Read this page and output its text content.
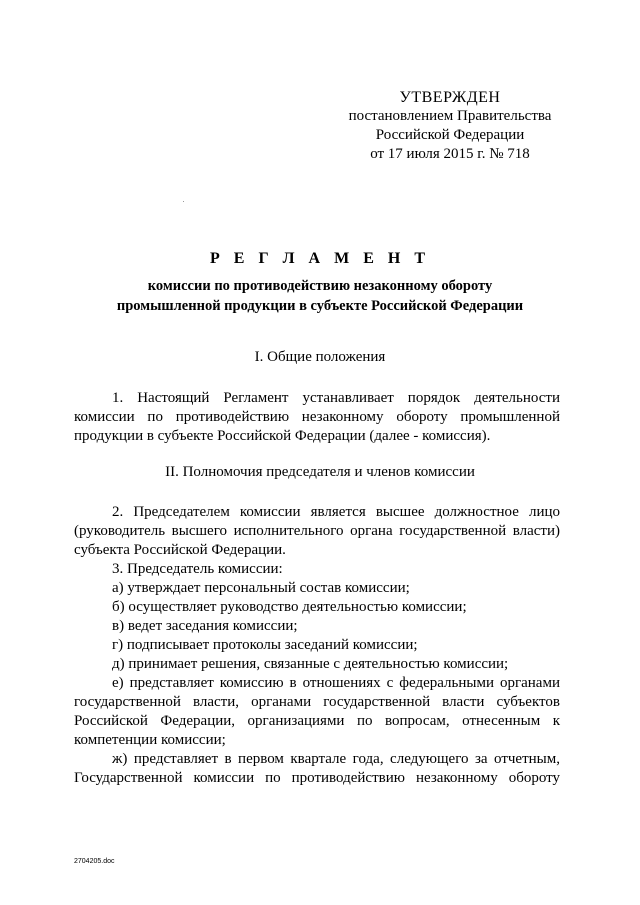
УТВЕРЖДЕН
постановлением Правительства
Российской Федерации
от 17 июля 2015 г. № 718
Р Е Г Л А М Е Н Т
комиссии по противодействию незаконному обороту
промышленной продукции в субъекте Российской Федерации
I. Общие положения

1. Настоящий Регламент устанавливает порядок деятельности комиссии по противодействию незаконному обороту промышленной продукции в субъекте Российской Федерации (далее - комиссия).

II. Полномочия председателя и членов комиссии

2. Председателем комиссии является высшее должностное лицо (руководитель высшего исполнительного органа государственной власти) субъекта Российской Федерации.

3. Председатель комиссии:

а) утверждает персональный состав комиссии;

б) осуществляет руководство деятельностью комиссии;

в) ведет заседания комиссии;

г) подписывает протоколы заседаний комиссии;

д) принимает решения, связанные с деятельностью комиссии;

е) представляет комиссию в отношениях с федеральными органами государственной власти, органами государственной власти субъектов Российской Федерации, организациями по вопросам, отнесенным к компетенции комиссии;

ж) представляет в первом квартале года, следующего за отчетным, Государственной комиссии по противодействию незаконному обороту

2704205.doc
